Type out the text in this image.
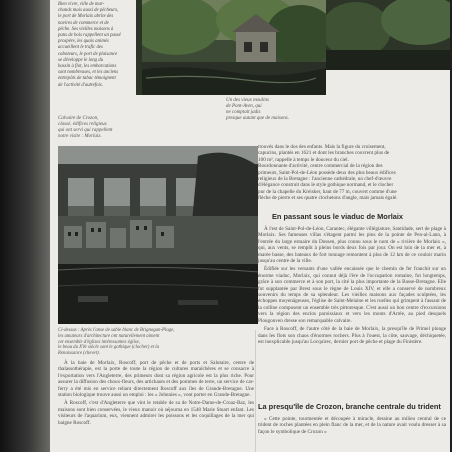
Bien vivre, ville de mar-
chands mais aussi de pêcheurs,
le port de Morlaix abrite des
navires de commerce et de
pêche. Ses vieilles maisons à
pans de bois rappellent un passé
prospère, les quais animés
accueillent le trafic des
caboteurs, le port de plaisance
se développe le long du
bassin à flot, les embarcations
sont nombreuses, et les anciens
entrepôts de tabac témoignent
de l'activité d'autrefois.
Un des vieux moulins
de Pont-Aven, qui
ne comptait jadis
presque autant que de maisons.
Calvaire de Crozon,
classé, édifices religieux
qui ont servi qui rappellent
notre visite : Morlaix.
trouvés dans le dos des enfants. Mais la figure du croisement,
capucins, plantés en 1621 et dont les branches couvrent plus de
100 m², rappelle à temps le douceur du ciel.
Bourdonnante d'activité, centre commercial de la région des
primeurs, Saint-Pol-de-Léon possède deux des plus beaux édifices
religieux de la Bretagne : l'ancienne cathédrale, un chef-d'œuvre
d'élégance construit dans le style gothique normand, et le clocher
pur de la chapelle du Kreisker, haut de 77 m, couvert comme d'une
flèche de pierre et ses quatre clochetons d'angle, mais jamais égalé.
En passant sous le viaduc de Morlaix

À l'est de Saint-Pol-de-Léon, Carantec, élégante villégiature, Santidade, sert de plage à Morlaix. Ses fameuses villas s'étagent parmi les pins de la pointe de Pen-al-Lann, à l'entrée du large estuaire du Dossen, plus connu sous le nom de « rivière de Morlaix », qui, aux vents, se remplit à pleins bords deux fois par jour. On est loin de la mer et, à marée basse, des bateaux de fort tonnage remontent à plus de 12 km de ce couloir marin jusqu'au centre de la ville.

Édifiée sur les versants d'une vallée encaissée que le chemin de fer franchit sur un énorme viaduc, Morlaix, qui connut déjà l'ère de l'occupation romaine, fut longtemps, grâce à son commerce et à son port, la cité la plus importante de la Basse-Bretagne. Elle fut supplantée par Brest sous le règne de Louis XIV, et elle a conservé de nombreux souvenirs du temps de sa splendeur. Les vieilles maisons aux façades sculptées, les échoppes moyenâgeuses, l'église de Saint-Melaine et les ruelles qui grimpent à l'assaut de la colline composent un ensemble très pittoresque. C'est aussi un bon centre d'excursions vers la région des enclos paroissiaux et vers les monts d'Arrée, au pied desquels Plougonven dresse son remarquable calvaire.

Face à Roscoff, de l'autre côté de la baie de Morlaix, la presqu'île de Primel plonge dans les flots son chaos d'énormes rochers. Plus à l'ouest, la côte, sauvage, déchiquetée, est inexplicable jusqu'au Locquirec, dernier port de pêche et plage du Finistère.

La presqu'île de Crozon, branche centrale du trident

« Cette pointe, tourmentée et découpée à miracle, dessine au milieu central de ce trident de roches plantées en plein flanc de la mer, et de la nature avait voulu dresser à sa façon le symbolique de Crozon »

Ci-dessus : Après l'anse de sable blanc de Brignogan-Plage,
les amateurs d'architecture ont naturellement aiment
cet ensemble d'églises intéressantes église,
le beau du XVe siècle sont le gothique (clocher) et la
Renaissance (chevet).

À la baie de Morlaix, Roscoff, port de pêche et de ports et Salutaire, centre de thalassothérapie, est la porte de toute la région de cultures maraîchères et se consacre à l'exportation vers l'Angleterre, des primeurs dont sa région agricole est la plus riche. Pour assurer la diffusion des choux-fleurs, des artichauts et des pommes de terre, un service de car-ferry a été mis en service reliant directement Roscoff aux îles de Grande-Bretagne. Une station biologique trouve aussi un emploi : les « Johnnies », vont porter en Grande-Bretagne.

À Roscoff, c'est d'Angleterre que vint le retable de sa de Notre-Dame-de-Croaz-Baz, les maisons sont bien conservées, le vieux manoir où séjourna en 1548 Marie Stuart enfant. Les visiteurs de l'aquarium, eux, viennent admirer les poissons et les coquillages de la mer qui baigne Roscoff.
